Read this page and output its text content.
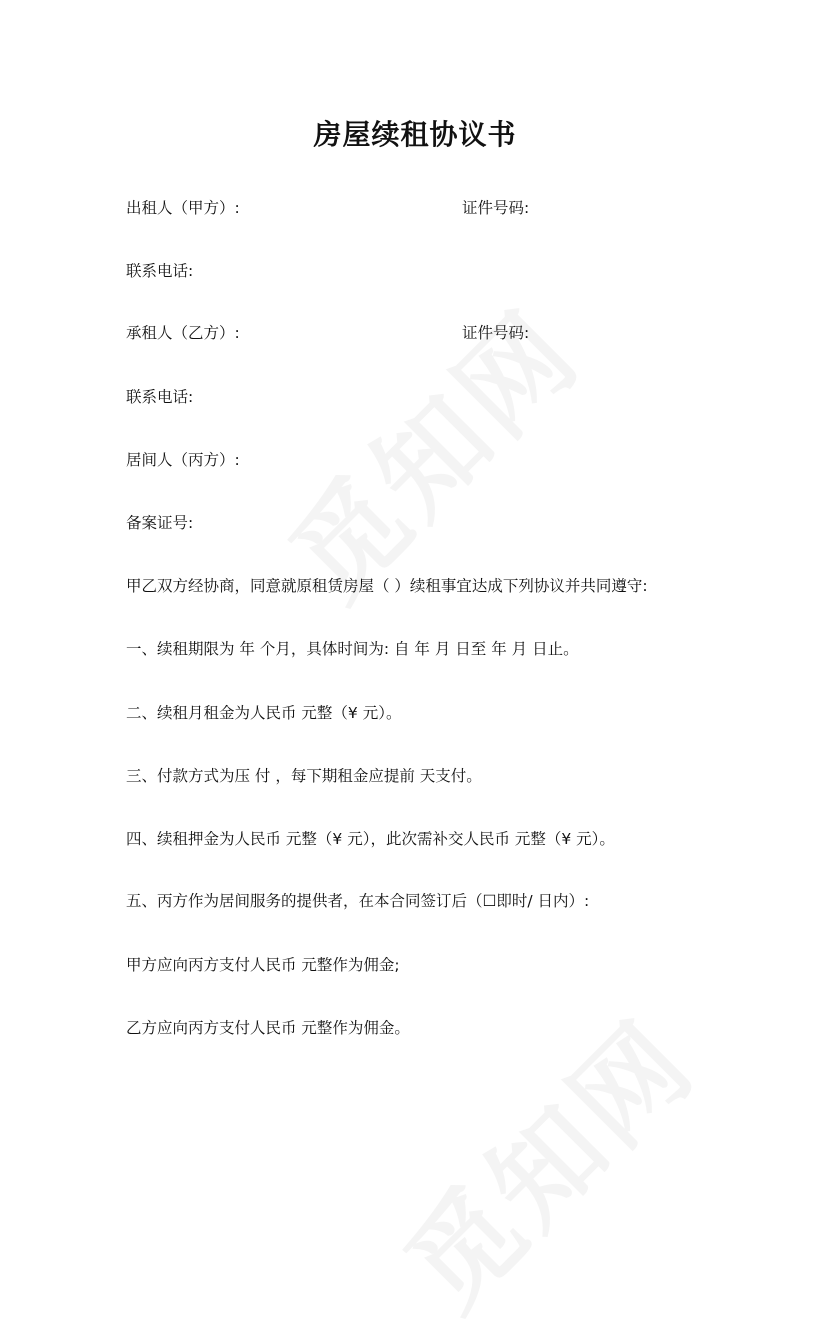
房屋续租协议书
出租人（甲方）:	证件号码:
联系电话:
承租人（乙方）:	证件号码:
联系电话:
居间人（丙方）:
备案证号:
甲乙双方经协商，同意就原租赁房屋（ ）续租事宜达成下列协议并共同遵守:
一、续租期限为 年 个月，具体时间为: 自 年 月 日至 年 月 日止。
二、续租月租金为人民币 元整（¥ 元）。
三、付款方式为压 付 ，每下期租金应提前 天支付。
四、续租押金为人民币 元整（¥ 元），此次需补交人民币 元整（¥ 元）。
五、丙方作为居间服务的提供者，在本合同签订后（☐即时/ 日内）:
甲方应向丙方支付人民币 元整作为佣金;
乙方应向丙方支付人民币 元整作为佣金。
